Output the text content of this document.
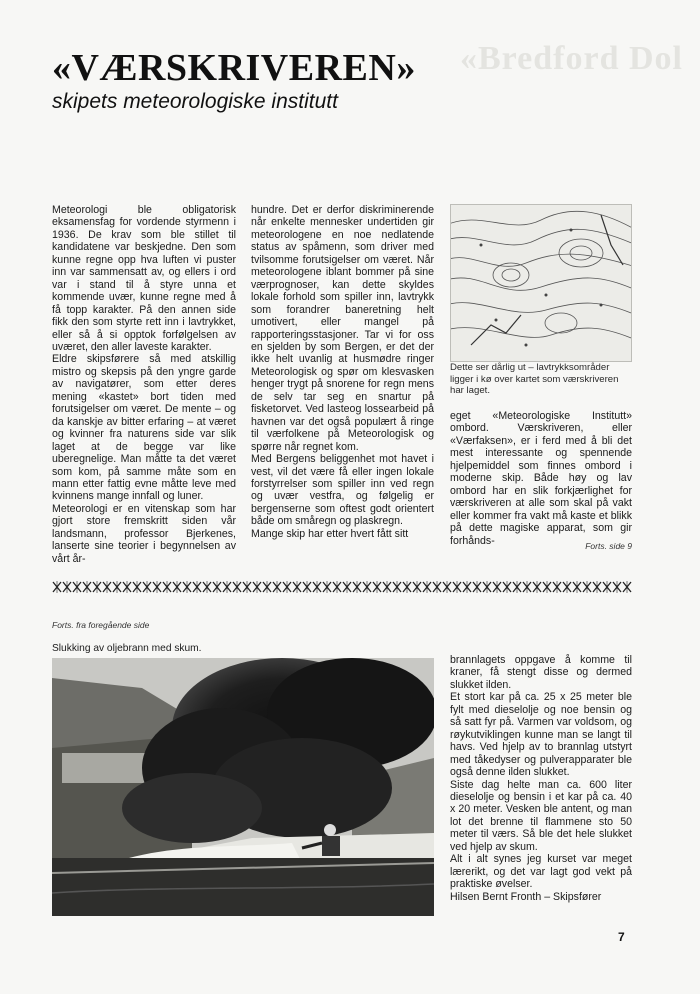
«Bredford Dol
«VÆRSKRIVEREN»
skipets meteorologiske institutt

Meteorologi ble obligatorisk eksamensfag for vordende styrmenn i 1936. De krav som ble stillet til kandidatene var beskjedne. Den som kunne regne opp hva luften vi puster inn var sammensatt av, og ellers i ord var i stand til å styre unna et kommende uvær, kunne regne med å få topp karakter. På den annen side fikk den som styrte rett inn i lavtrykket, eller så å si opptok forfølgelsen av uværet, den aller laveste karakter.

Eldre skipsførere så med atskillig mistro og skepsis på den yngre garde av navigatører, som etter deres mening «kastet» bort tiden med forutsigelser om været. De mente – og da kanskje av bitter erfaring – at været og kvinner fra naturens side var slik laget at de begge var like uberegnelige. Man måtte ta det været som kom, på samme måte som en mann etter fattig evne måtte leve med kvinnens mange innfall og luner.

Meteorologi er en vitenskap som har gjort store fremskritt siden vår landsmann, professor Bjerkenes, lanserte sine teorier i begynnelsen av vårt år-

hundre. Det er derfor diskriminerende når enkelte mennesker undertiden gir meteorologene en noe nedlatende status av spåmenn, som driver med tvilsomme forutsigelser om været. Når meteorologene iblant bommer på sine værprognoser, kan dette skyldes lokale forhold som spiller inn, lavtrykk som forandrer baneretning helt umotivert, eller mangel på rapporteringsstasjoner. Tar vi for oss en sjelden by som Bergen, er det der ikke helt uvanlig at husmødre ringer Meteorologisk og spør om klesvasken henger trygt på snorene for regn mens de selv tar seg en snartur på fisketorvet. Ved lasteog lossearbeid på havnen var det også populært å ringe til værfolkene på Meteorologisk og spørre når regnet kom.

Med Bergens beliggenhet mot havet i vest, vil det være få eller ingen lokale forstyrrelser som spiller inn ved regn og uvær vestfra, og følgelig er bergenserne som oftest godt orientert både om småregn og plaskregn.

Mange skip har etter hvert fått sitt

Dette ser dårlig ut – lavtrykksområder ligger i kø over kartet som værskriveren har laget.

eget «Meteorologiske Institutt» ombord. Værskriveren, eller «Værfaksen», er i ferd med å bli det mest interessante og spennende hjelpemiddel som finnes ombord i moderne skip. Både høy og lav ombord har en slik forkjærlighet for værskriveren at alle som skal på vakt eller kommer fra vakt må kaste et blikk på dette magiske apparat, som gir forhånds-	Forts. side 9
Forts. fra foregående side
Slukking av oljebrann med skum.

brannlagets oppgave å komme til kraner, få stengt disse og dermed slukket ilden.

Et stort kar på ca. 25 x 25 meter ble fylt med dieselolje og noe bensin og så satt fyr på. Varmen var voldsom, og røykutviklingen kunne man se langt til havs. Ved hjelp av to brannlag utstyrt med tåkedyser og pulverapparater ble også denne ilden slukket.

Siste dag helte man ca. 600 liter dieselolje og bensin i et kar på ca. 40 x 20 meter. Vesken ble antent, og man lot det brenne til flammene sto 50 meter til værs. Så ble det hele slukket ved hjelp av skum.

Alt i alt synes jeg kurset var meget lærerikt, og det var lagt god vekt på praktiske øvelser.

Hilsen Bernt Fronth – Skipsfører

7
